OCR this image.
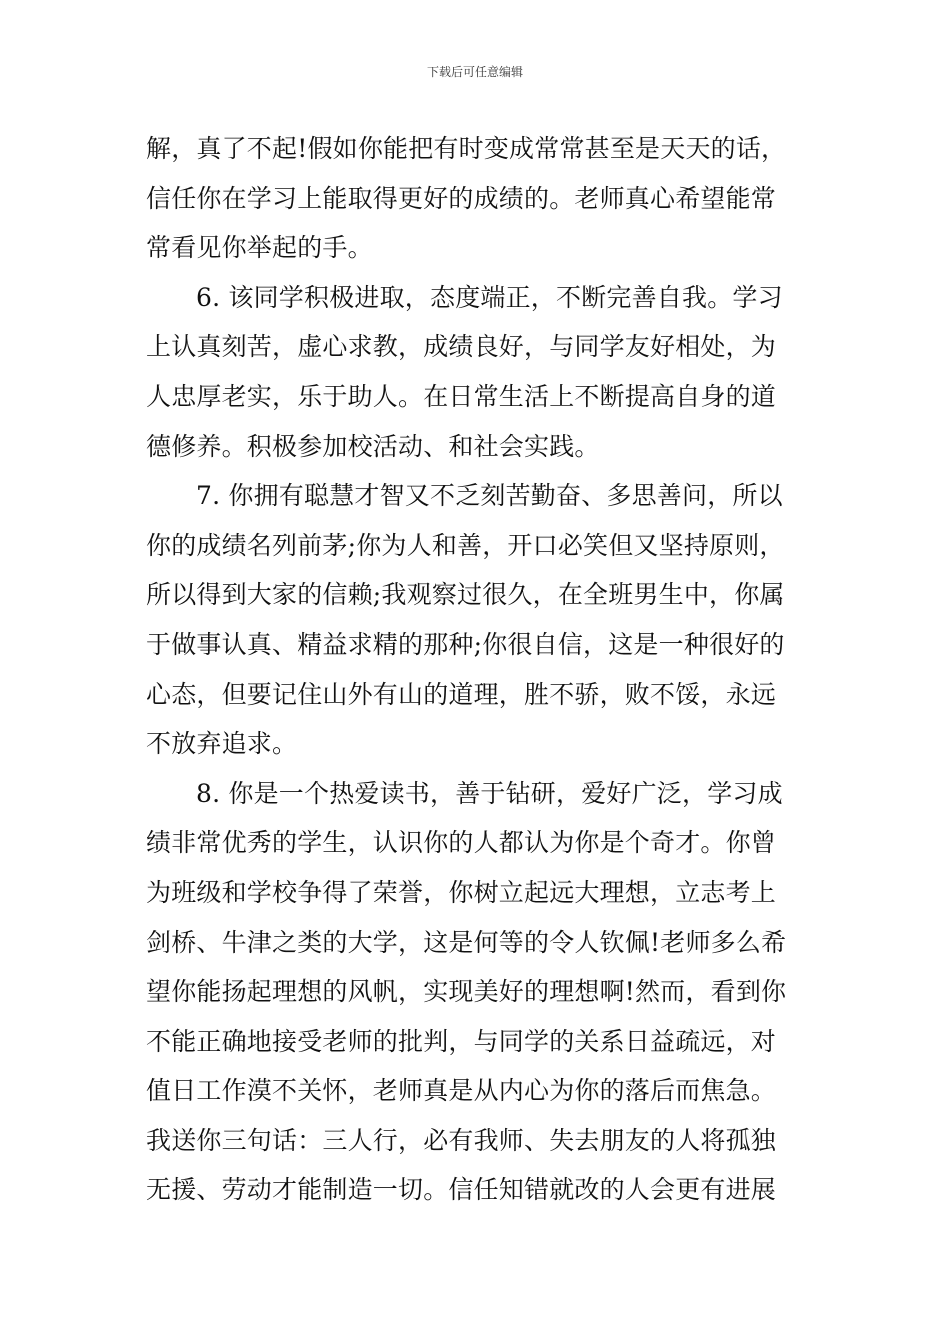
下载后可任意编辑
解，真了不起!假如你能把有时变成常常甚至是天天的话，
信任你在学习上能取得更好的成绩的。老师真心希望能常
常看见你举起的手。
6. 该同学积极进取，态度端正，不断完善自我。学习
上认真刻苦，虚心求教，成绩良好，与同学友好相处，为
人忠厚老实，乐于助人。在日常生活上不断提高自身的道
德修养。积极参加校活动、和社会实践。
7. 你拥有聪慧才智又不乏刻苦勤奋、多思善问，所以
你的成绩名列前茅;你为人和善，开口必笑但又坚持原则，
所以得到大家的信赖;我观察过很久，在全班男生中，你属
于做事认真、精益求精的那种;你很自信，这是一种很好的
心态，但要记住山外有山的道理，胜不骄，败不馁，永远
不放弃追求。
8. 你是一个热爱读书，善于钻研，爱好广泛，学习成
绩非常优秀的学生，认识你的人都认为你是个奇才。你曾
为班级和学校争得了荣誉，你树立起远大理想，立志考上
剑桥、牛津之类的大学，这是何等的令人钦佩!老师多么希
望你能扬起理想的风帆，实现美好的理想啊!然而，看到你
不能正确地接受老师的批判，与同学的关系日益疏远，对
值日工作漠不关怀，老师真是从内心为你的落后而焦急。
我送你三句话：三人行，必有我师、失去朋友的人将孤独
无援、劳动才能制造一切。信任知错就改的人会更有进展
